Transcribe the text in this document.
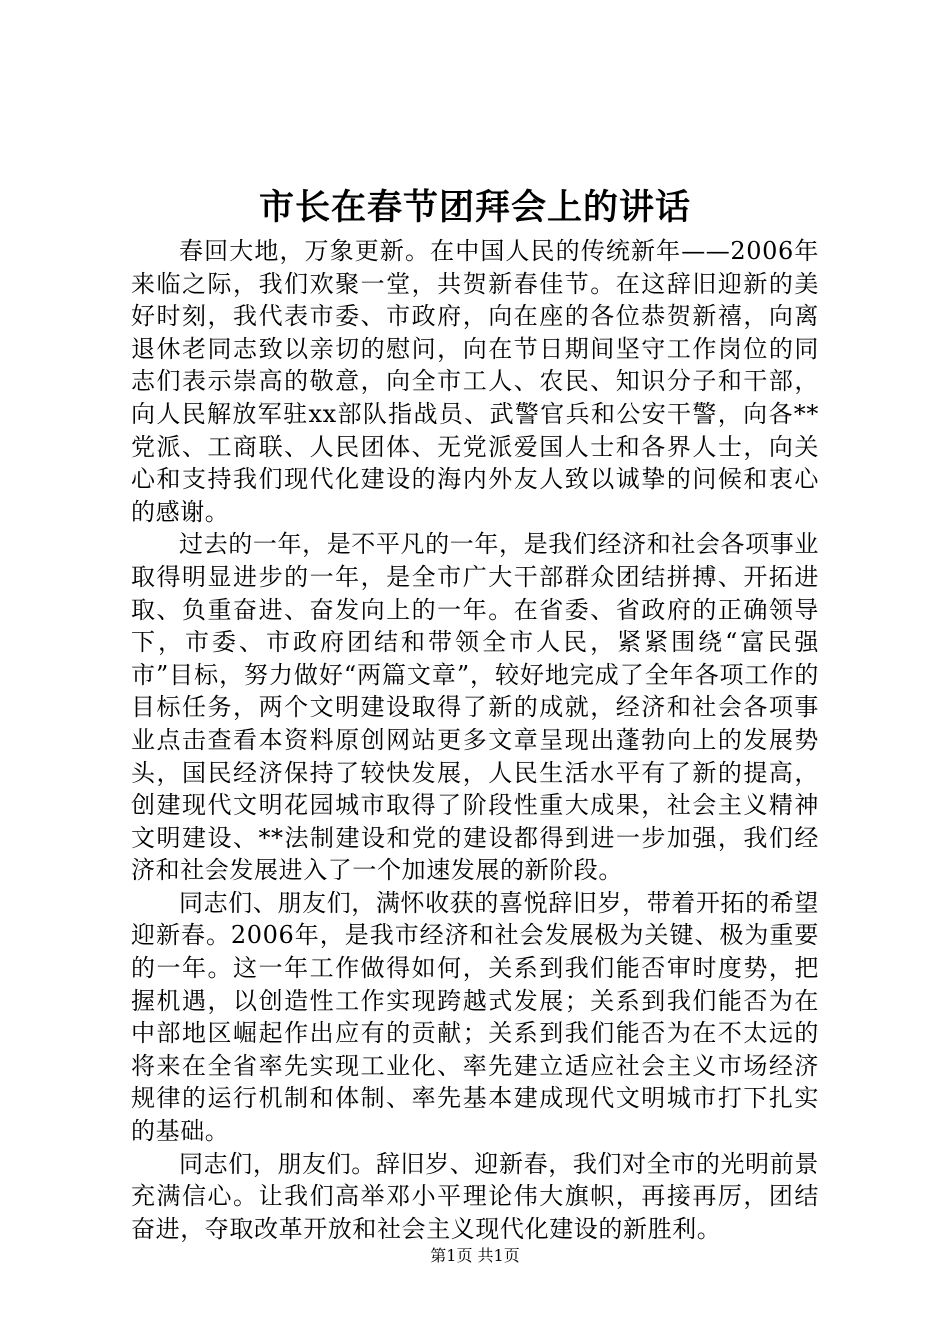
市长在春节团拜会上的讲话

春回大地，万象更新。在中国人民的传统新年——2006年来临之际，我们欢聚一堂，共贺新春佳节。在这辞旧迎新的美好时刻，我代表市委、市政府，向在座的各位恭贺新禧，向离退休老同志致以亲切的慰问，向在节日期间坚守工作岗位的同志们表示崇高的敬意，向全市工人、农民、知识分子和干部，向人民解放军驻xx部队指战员、武警官兵和公安干警，向各**党派、工商联、人民团体、无党派爱国人士和各界人士，向关心和支持我们现代化建设的海内外友人致以诚挚的问候和衷心的感谢。

过去的一年，是不平凡的一年，是我们经济和社会各项事业取得明显进步的一年，是全市广大干部群众团结拼搏、开拓进取、负重奋进、奋发向上的一年。在省委、省政府的正确领导下，市委、市政府团结和带领全市人民，紧紧围绕“富民强市”目标，努力做好“两篇文章”，较好地完成了全年各项工作的目标任务，两个文明建设取得了新的成就，经济和社会各项事业点击查看本资料原创网站更多文章呈现出蓬勃向上的发展势头，国民经济保持了较快发展，人民生活水平有了新的提高，创建现代文明花园城市取得了阶段性重大成果，社会主义精神文明建设、**法制建设和党的建设都得到进一步加强，我们经济和社会发展进入了一个加速发展的新阶段。

同志们、朋友们，满怀收获的喜悦辞旧岁，带着开拓的希望迎新春。2006年，是我市经济和社会发展极为关键、极为重要的一年。这一年工作做得如何，关系到我们能否审时度势，把握机遇，以创造性工作实现跨越式发展；关系到我们能否为在中部地区崛起作出应有的贡献；关系到我们能否为在不太远的将来在全省率先实现工业化、率先建立适应社会主义市场经济规律的运行机制和体制、率先基本建成现代文明城市打下扎实的基础。

同志们，朋友们。辞旧岁、迎新春，我们对全市的光明前景充满信心。让我们高举邓小平理论伟大旗帜，再接再厉，团结奋进，夺取改革开放和社会主义现代化建设的新胜利。

第1页 共1页
